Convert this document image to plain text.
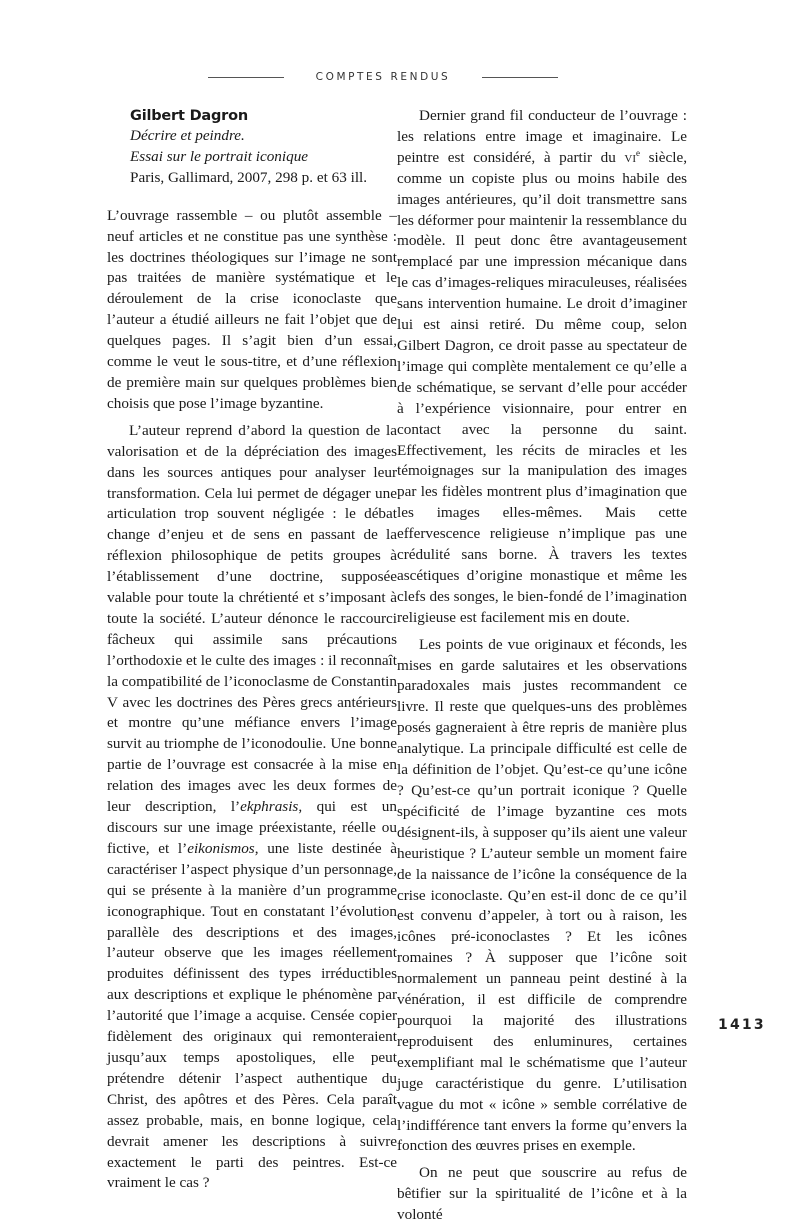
COMPTES RENDUS
Gilbert Dagron
Décrire et peindre.
Essai sur le portrait iconique
Paris, Gallimard, 2007, 298 p. et 63 ill.

L’ouvrage rassemble – ou plutôt assemble – neuf articles et ne constitue pas une synthèse : les doctrines théologiques sur l’image ne sont pas traitées de manière systématique et le déroulement de la crise iconoclaste que l’auteur a étudié ailleurs ne fait l’objet que de quelques pages. Il s’agit bien d’un essai, comme le veut le sous-titre, et d’une réflexion de première main sur quelques problèmes bien choisis que pose l’image byzantine.

L’auteur reprend d’abord la question de la valorisation et de la dépréciation des images dans les sources antiques pour analyser leur transformation. Cela lui permet de dégager une articulation trop souvent négligée : le débat change d’enjeu et de sens en passant de la réflexion philosophique de petits groupes à l’établissement d’une doctrine, supposée valable pour toute la chrétienté et s’imposant à toute la société. L’auteur dénonce le raccourci fâcheux qui assimile sans précautions l’orthodoxie et le culte des images : il reconnaît la compatibilité de l’iconoclasme de Constantin V avec les doctrines des Pères grecs antérieurs et montre qu’une méfiance envers l’image survit au triomphe de l’iconodoulie. Une bonne partie de l’ouvrage est consacrée à la mise en relation des images avec les deux formes de leur description, l’ekphrasis, qui est un discours sur une image préexistante, réelle ou fictive, et l’eikonismos, une liste destinée à caractériser l’aspect physique d’un personnage, qui se présente à la manière d’un programme iconographique. Tout en constatant l’évolution parallèle des descriptions et des images, l’auteur observe que les images réellement produites définissent des types irréductibles aux descriptions et explique le phénomène par l’autorité que l’image a acquise. Censée copier fidèlement des originaux qui remonteraient jusqu’aux temps apostoliques, elle peut prétendre détenir l’aspect authentique du Christ, des apôtres et des Pères. Cela paraît assez probable, mais, en bonne logique, cela devrait amener les descriptions à suivre exactement le parti des peintres. Est-ce vraiment le cas ?

Dernier grand fil conducteur de l’ouvrage : les relations entre image et imaginaire. Le peintre est considéré, à partir du $vi^e$ siècle, comme un copiste plus ou moins habile des images antérieures, qu’il doit transmettre sans les déformer pour maintenir la ressemblance du modèle. Il peut donc être avantageusement remplacé par une impression mécanique dans le cas d’images-reliques miraculeuses, réalisées sans intervention humaine. Le droit d’imaginer lui est ainsi retiré. Du même coup, selon Gilbert Dagron, ce droit passe au spectateur de l’image qui complète mentalement ce qu’elle a de schématique, se servant d’elle pour accéder à l’expérience visionnaire, pour entrer en contact avec la personne du saint. Effectivement, les récits de miracles et les témoignages sur la manipulation des images par les fidèles montrent plus d’imagination que les images elles-mêmes. Mais cette effervescence religieuse n’implique pas une crédulité sans borne. À travers les textes ascétiques d’origine monastique et même les clefs des songes, le bien-fondé de l’imagination religieuse est facilement mis en doute.

Les points de vue originaux et féconds, les mises en garde salutaires et les observations paradoxales mais justes recommandent ce livre. Il reste que quelques-uns des problèmes posés gagneraient à être repris de manière plus analytique. La principale difficulté est celle de la définition de l’objet. Qu’est-ce qu’une icône ? Qu’est-ce qu’un portrait iconique ? Quelle spécificité de l’image byzantine ces mots désignent-ils, à supposer qu’ils aient une valeur heuristique ? L’auteur semble un moment faire de la naissance de l’icône la conséquence de la crise iconoclaste. Qu’en est-il donc de ce qu’il est convenu d’appeler, à tort ou à raison, les icônes pré-iconoclastes ? Et les icônes romaines ? À supposer que l’icône soit normalement un panneau peint destiné à la vénération, il est difficile de comprendre pourquoi la majorité des illustrations reproduisent des enluminures, certaines exemplifiant mal le schématisme que l’auteur juge caractéristique du genre. L’utilisation vague du mot « icône » semble corrélative de l’indifférence tant envers la forme qu’envers la fonction des œuvres prises en exemple.

On ne peut que souscrire au refus de bêtifier sur la spiritualité de l’icône et à la volonté

1413
